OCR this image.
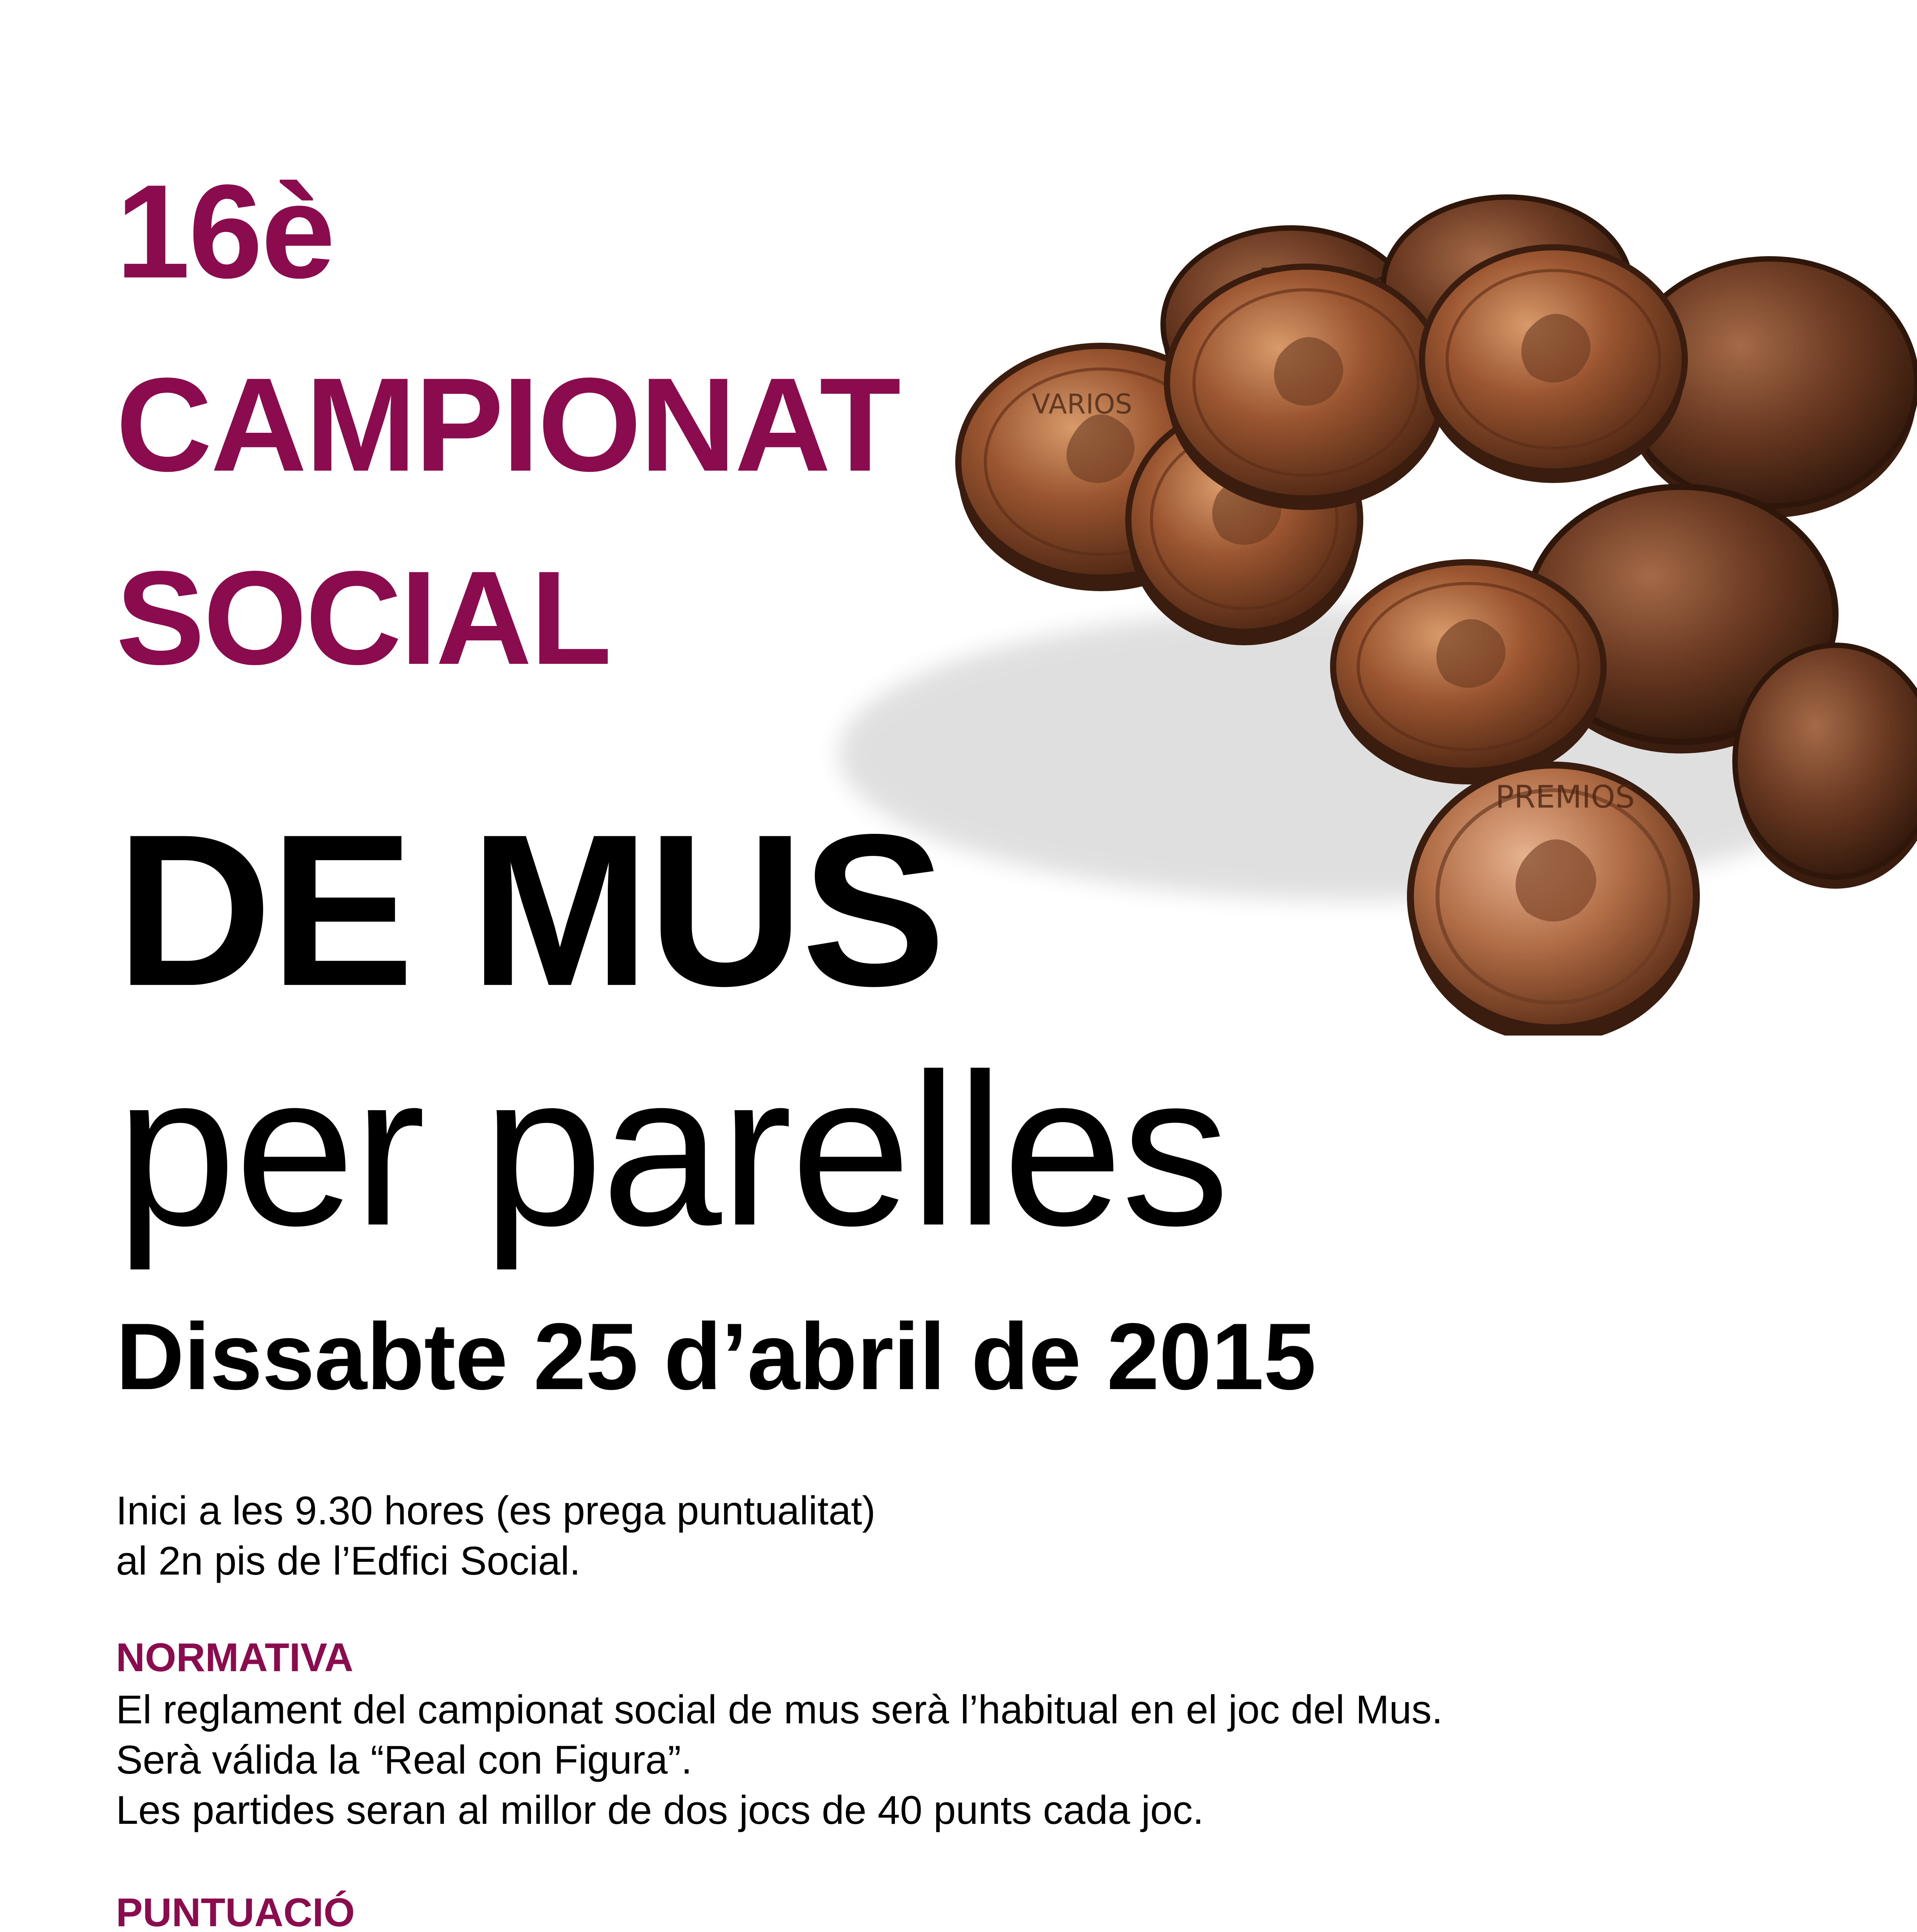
VARIOS
PREMIOS
16è
CAMPIONAT
SOCIAL
DE MUS
per parelles
Dissabte 25 d’abril de 2015
Inici a les 9.30 hores (es prega puntualitat)
al 2n pis de l’Edfici Social.
NORMATIVA
El reglament del campionat social de mus serà l’habitual en el joc del Mus.
Serà válida la “Real con Figura”.
Les partides seran al millor de dos jocs de 40 punts cada joc.
PUNTUACIÓ
